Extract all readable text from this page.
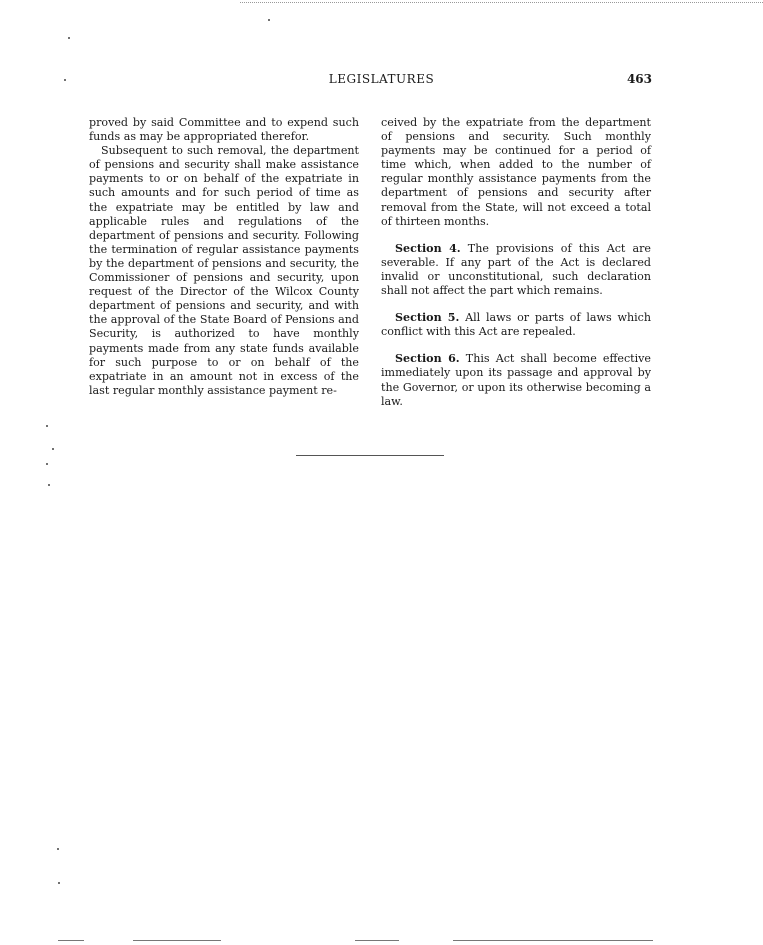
LEGISLATURES	463

proved by said Committee and to expend such funds as may be appropriated therefor.

Subsequent to such removal, the department of pensions and security shall make assistance payments to or on behalf of the expatriate in such amounts and for such period of time as the expatriate may be entitled by law and applicable rules and regulations of the department of pensions and security. Following the termination of regular assistance payments by the department of pensions and security, the Commissioner of pensions and security, upon request of the Director of the Wilcox County department of pensions and security, and with the approval of the State Board of Pensions and Security, is authorized to have monthly payments made from any state funds available for such purpose to or on behalf of the expatriate in an amount not in excess of the last regular monthly assistance payment re-

ceived by the expatriate from the department of pensions and security. Such monthly payments may be continued for a period of time which, when added to the number of regular monthly assistance payments from the department of pensions and security after removal from the State, will not exceed a total of thirteen months.

Section 4. The provisions of this Act are severable. If any part of the Act is declared invalid or unconstitutional, such declaration shall not affect the part which remains.

Section 5. All laws or parts of laws which conflict with this Act are repealed.

Section 6. This Act shall become effective immediately upon its passage and approval by the Governor, or upon its otherwise becoming a law.
